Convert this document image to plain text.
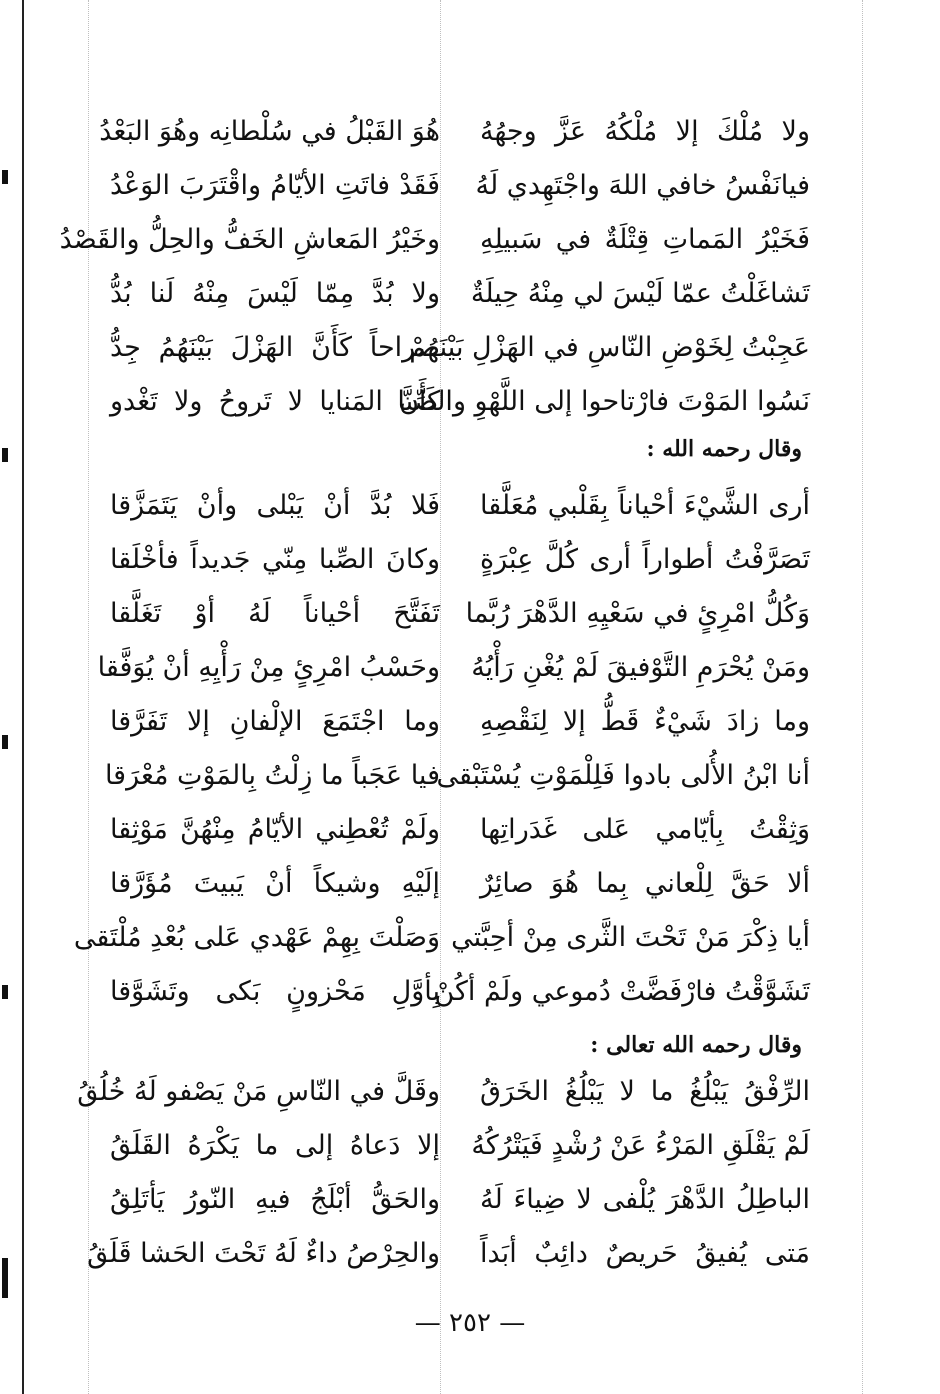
ولا مُلْكَ إلا مُلْكُهُ عَزَّ وجهُهُ
هُوَ القَبْلُ في سُلْطانِه وهُوَ البَعْدُ
فيانَفْسُ خافي اللهَ واجْتَهِدي لَهُ
فَقَدْ فاتَتِ الأيّامُ واقْتَرَبَ الوَعْدُ
فَخَيْرُ المَماتِ قِتْلَةٌ في سَبيلِهِ
وخَيْرُ المَعاشِ الخَفُّ والحِلُّ والقَصْدُ
تَشاغَلْتُ عمّا لَيْسَ لي مِنْهُ حِيلَةٌ
ولا بُدَّ مِمّا لَيْسَ مِنْهُ لَنا بُدُّ
عَجِبْتُ لِخَوْضِ النّاسِ في الهَزْلِ بَيْنَهُمْ
صراحاً كَأَنَّ الهَزْلَ بَيْنَهُمُ جِدُّ
نَسُوا المَوْتَ فارْتاحوا إلى اللَّهْوِ والصِّبا
كَأَنَّ المَنايا لا تَروحُ ولا تَغْدو
وقال رحمه الله :
أرى الشَّيْءَ أحْياناً بِقَلْبي مُعَلَّقا
فَلا بُدَّ أنْ يَبْلى وأنْ يَتَمَزَّقا
تَصَرَّفْتُ أطواراً أرى كُلَّ عِبْرَةٍ
وكانَ الصِّبا مِنّي جَديداً فأخْلَقا
وَكُلُّ امْرِئٍ في سَعْيِهِ الدَّهْرَ رُبَّما
تَفَتَّحَ أحْياناً لَهُ أوْ تَغَلَّقا
ومَنْ يُحْرَمِ التَّوْفيقَ لَمْ يُغْنِ رَأْيُهُ
وحَسْبُ امْرِئٍ مِنْ رَأْيِهِ أنْ يُوَفَّقا
وما زادَ شَيْءٌ قَطُّ إلا لِنَقْصِهِ
وما اجْتَمَعَ الإلْفانِ إلا تَفَرَّقا
أنا ابْنُ الأُلى بادوا فَلِلْمَوْتِ يُسْتَبْقى
فيا عَجَباً ما زِلْتُ بِالمَوْتِ مُعْرَقا
وَثِقْتُ بِأيّامي عَلى غَدَراتِها
ولَمْ تُعْطِني الأيّامُ مِنْهُنَّ مَوْثِقا
ألا حَقَّ لِلْعاني بِما هُوَ صائِرٌ
إلَيْهِ وشيكاً أنْ يَبيتَ مُؤَرَّقا
أيا ذِكْرَ مَنْ تَحْتَ الثَّرى مِنْ أحِبَّتي
وَصَلْتَ بِهِمْ عَهْدي عَلى بُعْدِ مُلْتَقى
تَشَوَّقْتُ فارْفَضَّتْ دُموعي ولَمْ أكُنْ
بِأوَّلِ مَحْزونٍ بَكى وتَشَوَّقا
وقال رحمه الله تعالى :
الرِّفْقُ يَبْلُغُ ما لا يَبْلُغُ الخَرَقُ
وقَلَّ في النّاسِ مَنْ يَصْفو لَهُ خُلُقُ
لَمْ يَقْلَقِ المَرْءُ عَنْ رُشْدٍ فَيَتْرُكُهُ
إلا دَعاهُ إلى ما يَكْرَهُ القَلَقُ
الباطِلُ الدَّهْرَ يُلْفى لا ضِياءَ لَهُ
والحَقُّ أبْلَجُ فيهِ النّورُ يَأتَلِقُ
مَتى يُفيقُ حَريصٌ دائِبٌ أبَداً
والحِرْصُ داءٌ لَهُ تَحْتَ الحَشا قَلَقُ
— ٢٥٢ —
